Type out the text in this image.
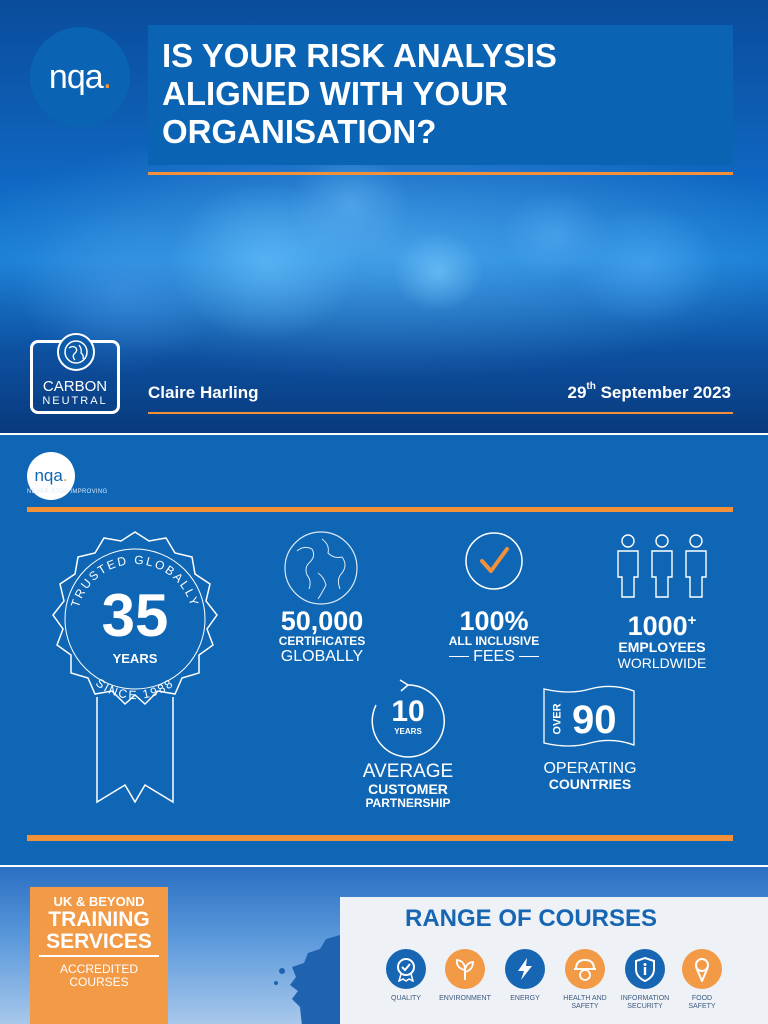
nqa .
IS YOUR RISK ANALYSIS
ALIGNED WITH YOUR
ORGANISATION?
CARBON
NEUTRAL	Claire Harling	29th September 2023
nqa .
NEVER STOP IMPROVING
TRUSTED GLOBALLY
SINCE 1988
35
YEARS
50,000
CERTIFICATES
GLOBALLY
100%
ALL INCLUSIVE
FEES
1000+
EMPLOYEES
WORLDWIDE
10
YEARS
AVERAGE
CUSTOMER
PARTNERSHIP
OVER 90
OPERATING
COUNTRIES
UK & BEYOND
TRAINING
SERVICES
ACCREDITED
COURSES
RANGE OF COURSES
QUALITY	ENVIRONMENT	ENERGY	HEALTH AND
SAFETY
INFORMATION
SECURITY
FOOD
SAFETY
